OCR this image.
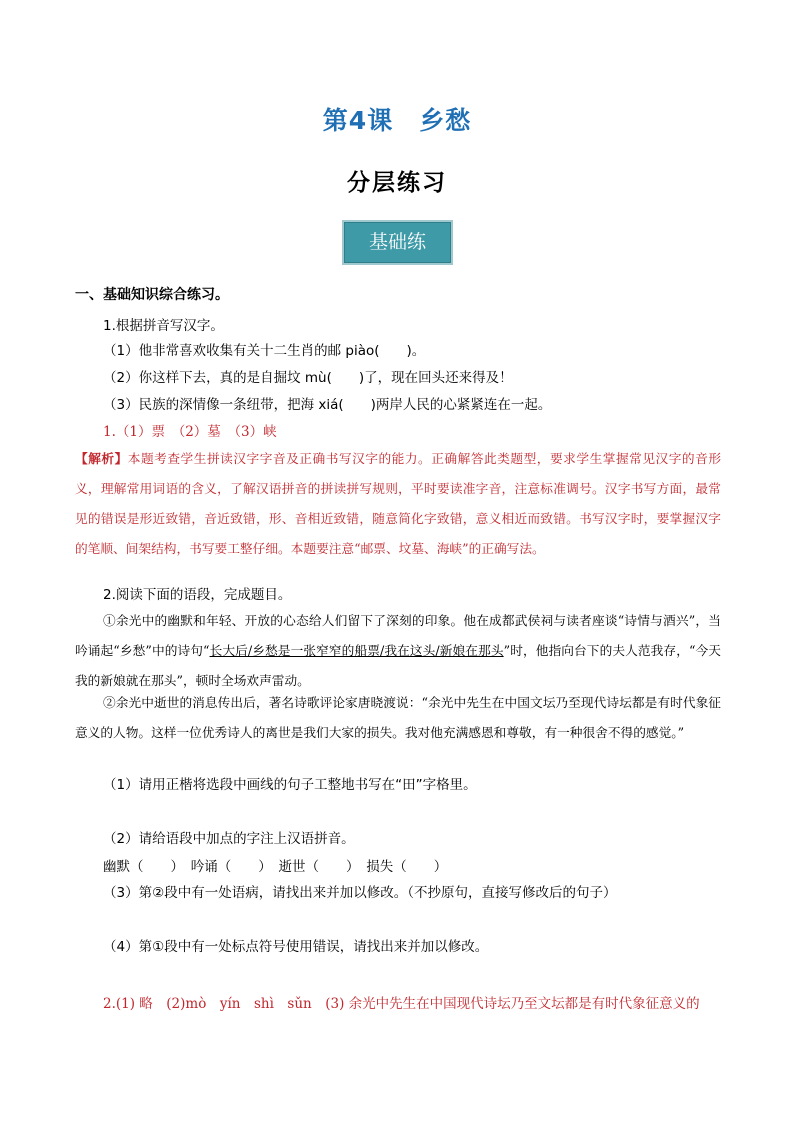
第4课　乡愁
分层练习
基础练
一、基础知识综合练习。
1.根据拼音写汉字。
（1）他非常喜欢收集有关十二生肖的邮 piào(　　)。
（2）你这样下去，真的是自掘坟 mù(　　)了，现在回头还来得及！
（3）民族的深情像一条纽带，把海 xiá(　　)两岸人民的心紧紧连在一起。
1.（1）票　（2）墓　（3）峡
【解析】本题考查学生拼读汉字字音及正确书写汉字的能力。正确解答此类题型，要求学生掌握常见汉字的音形义，理解常用词语的含义，了解汉语拼音的拼读拼写规则，平时要读准字音，注意标准调号。汉字书写方面，最常见的错误是形近致错，音近致错，形、音相近致错，随意简化字致错，意义相近而致错。书写汉字时，要掌握汉字的笔顺、间架结构，书写要工整仔细。本题要注意“邮票、坟墓、海峡”的正确写法。
2.阅读下面的语段，完成题目。
①余光中的幽默和年轻、开放的心态给人们留下了深刻的印象。他在成都武侯祠与读者座谈“诗情与酒兴”，当吟诵起“乡愁”中的诗句“长大后/乡愁是一张窄窄的船票/我在这头/新娘在那头”时，他指向台下的夫人范我存，“今天我的新娘就在那头”，顿时全场欢声雷动。
②余光中逝世的消息传出后，著名诗歌评论家唐晓渡说：“余光中先生在中国文坛乃至现代诗坛都是有时代象征意义的人物。这样一位优秀诗人的离世是我们大家的损失。我对他充满感恩和尊敬，有一种很舍不得的感觉。”
（1）请用正楷将选段中画线的句子工整地书写在“田”字格里。
（2）请给语段中加点的字注上汉语拼音。
幽默（　　）　吟诵（　　）　逝世（　　）　损失（　　）
（3）第②段中有一处语病，请找出来并加以修改。（不抄原句，直接写修改后的句子）
（4）第①段中有一处标点符号使用错误，请找出来并加以修改。
2.(1) 略　(2)mò　yín　shì　sǔn　(3) 余光中先生在中国现代诗坛乃至文坛都是有时代象征意义的
